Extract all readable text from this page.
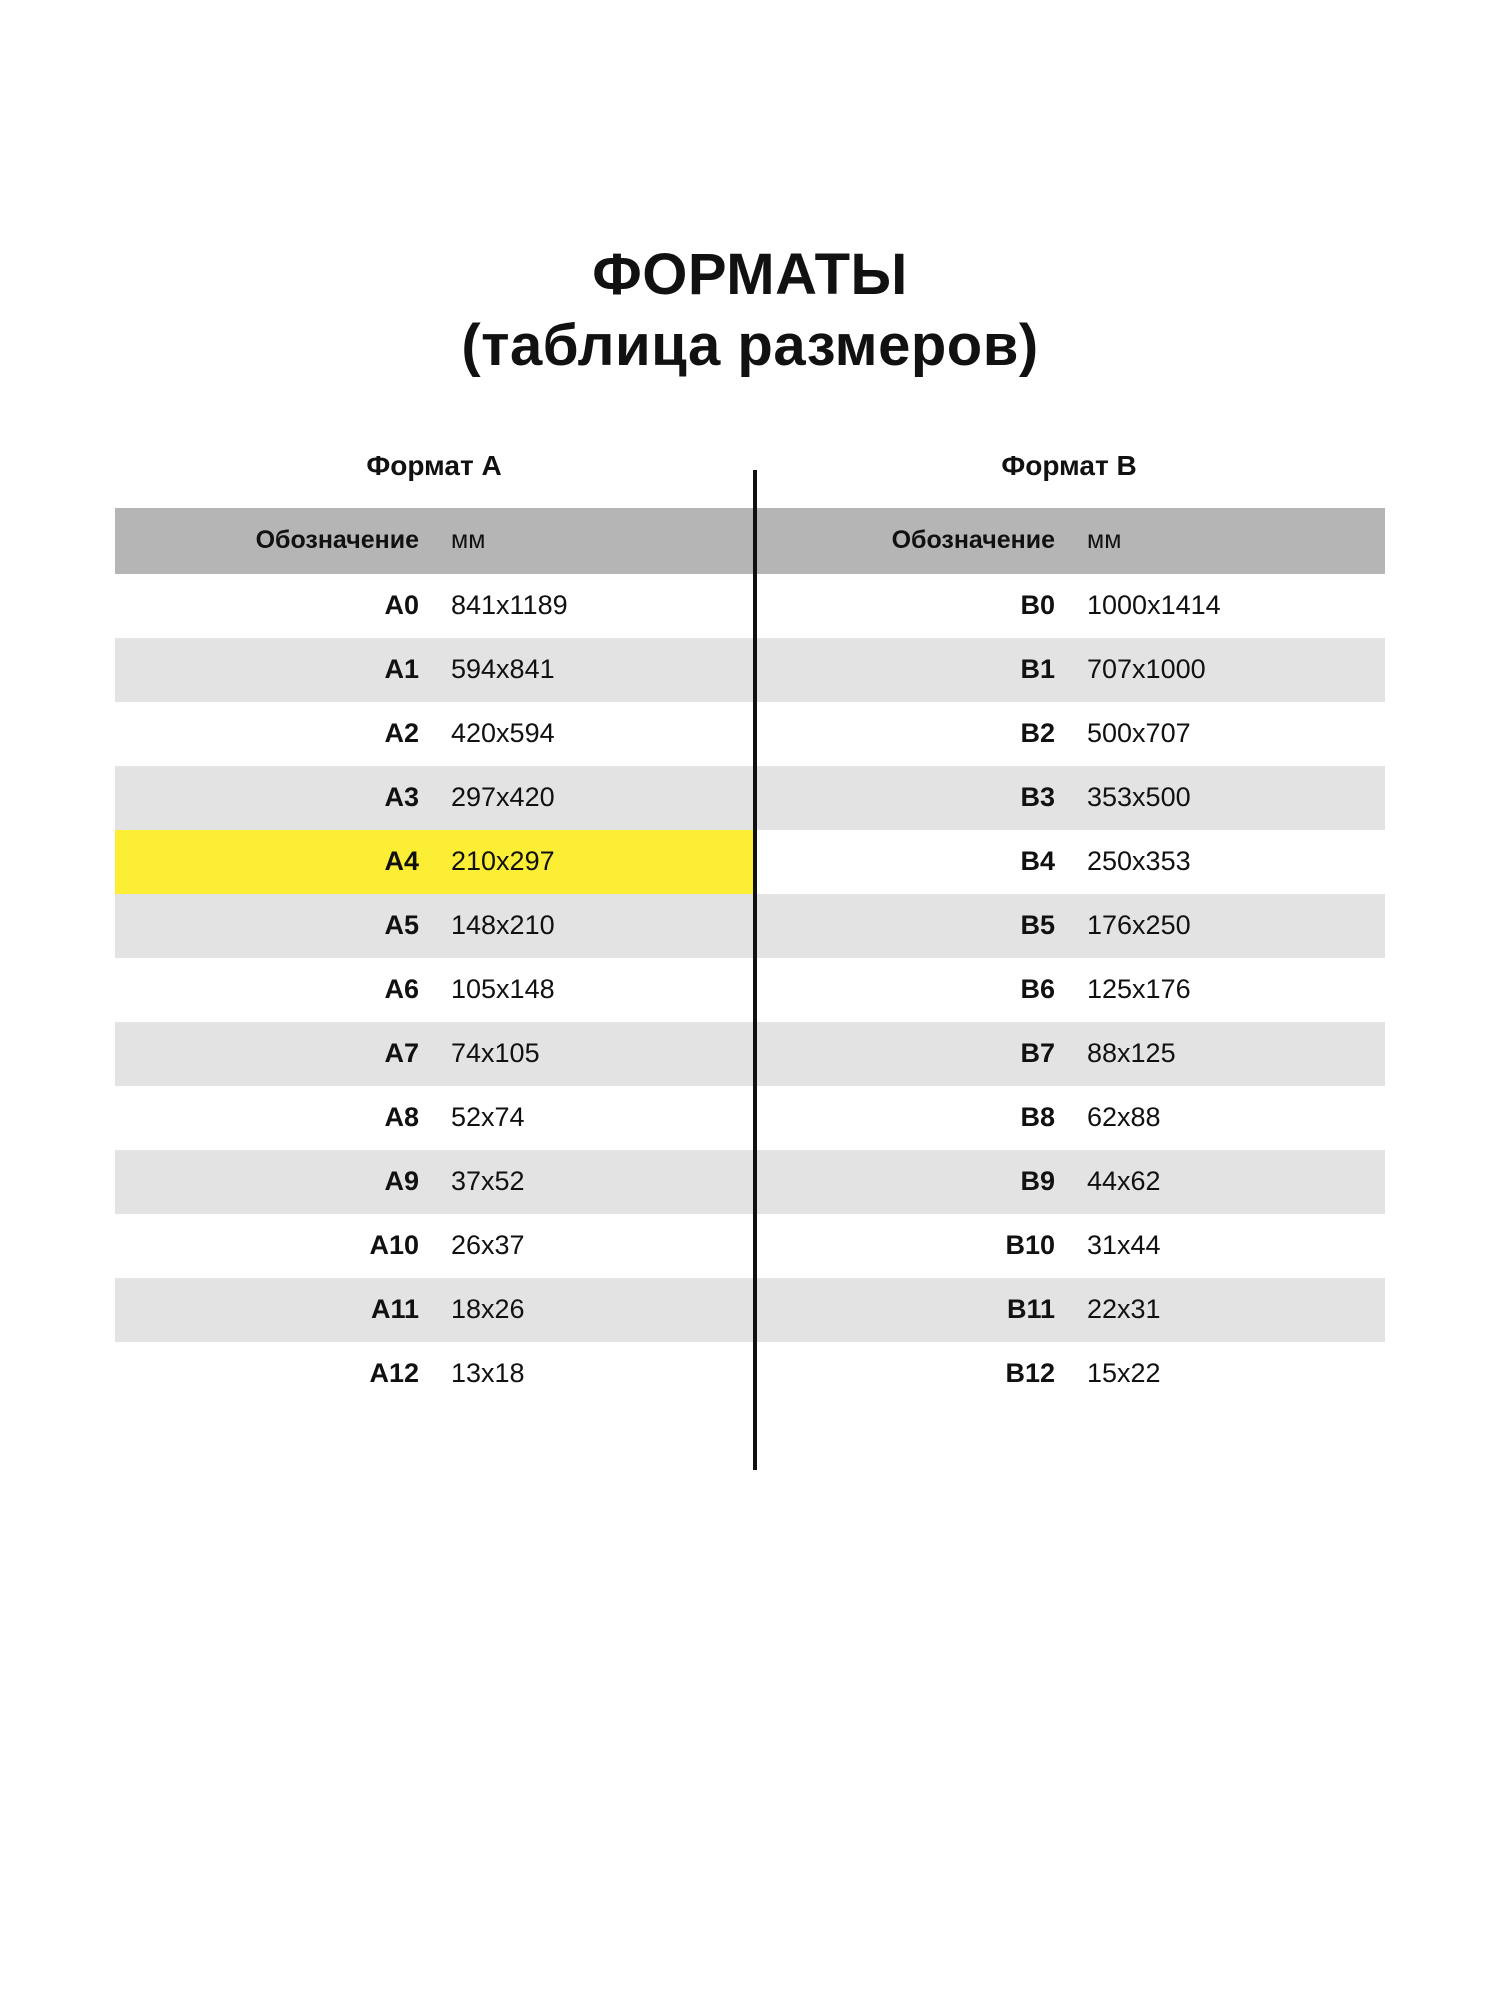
ФОРМАТЫ
(таблица размеров)
Формат A		Формат B	
Обозначение	мм	Обозначение	мм
A0	841x1189	B0	1000x1414
A1	594x841	B1	707x1000
A2	420x594	B2	500x707
A3	297x420	B3	353x500
A4	210x297	B4	250x353
A5	148x210	B5	176x250
A6	105x148	B6	125x176
A7	74x105	B7	88x125
A8	52x74	B8	62x88
A9	37x52	B9	44x62
A10	26x37	B10	31x44
A11	18x26	B11	22x31
A12	13x18	B12	15x22
